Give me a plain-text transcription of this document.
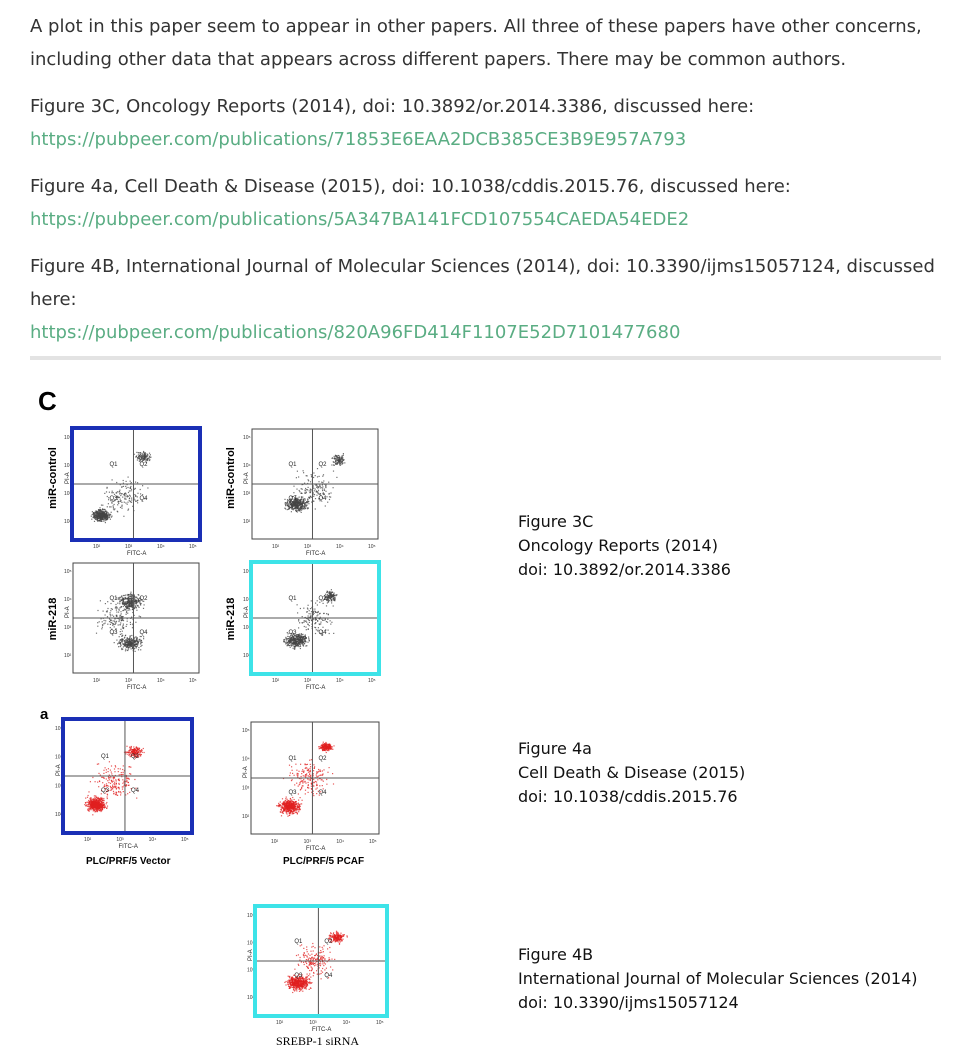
A plot in this paper seem to appear in other papers. All three of these papers have other concerns, including other data that appears across different papers. There may be common authors.

Figure 3C, Oncology Reports (2014), doi: 10.3892/or.2014.3386, discussed here:

https://pubpeer.com/publications/71853E6EAA2DCB385CE3B9E957A793

Figure 4a, Cell Death & Disease (2015), doi: 10.1038/cddis.2015.76, discussed here:

https://pubpeer.com/publications/5A347BA141FCD107554CAEDA54EDE2

Figure 4B, International Journal of Molecular Sciences (2014), doi: 10.3390/ijms15057124, discussed here:

https://pubpeer.com/publications/820A96FD414F1107E52D7101477680

C
a
miR-control
miR-218
miR-control
miR-218
Q1	Q2
Q3	Q4
10²
10²
10³
10³
10⁴
10⁴
10⁵
10⁵
FITC-A
PI-A
Q1	Q2
Q3	Q4
10²
10²
10³
10³
10⁴
10⁴
10⁵
10⁵
FITC-A
PI-A
Q1	Q2
Q3	Q4
10²
10²
10³
10³
10⁴
10⁴
10⁵
10⁵
FITC-A
PI-A
Q1	Q2
Q3	Q4
10²
10²
10³
10³
10⁴
10⁴
10⁵
10⁵
FITC-A
PI-A
Q1	Q2
Q3	Q4
10²
10²
10³
10³
10⁴
10⁴
10⁵
10⁵
FITC-A
PI-A
Q1	Q2
Q3	Q4
10²
10²
10³
10³
10⁴
10⁴
10⁵
10⁵
FITC-A
PI-A
Q1	Q2
Q3	Q4
10²
10²
10³
10³
10⁴
10⁴
10⁵
10⁵
FITC-A
PI-A
PLC/PRF/5 Vector	PLC/PRF/5 PCAF
SREBP-1 siRNA
Figure 3C
Oncology Reports (2014)
doi: 10.3892/or.2014.3386
Figure 4a
Cell Death & Disease (2015)
doi: 10.1038/cddis.2015.76
Figure 4B
International Journal of Molecular Sciences (2014)
doi: 10.3390/ijms15057124
